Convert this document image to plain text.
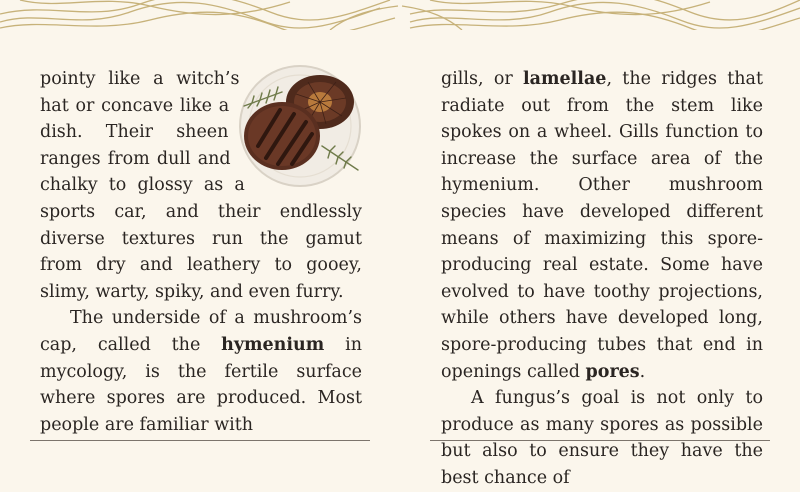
pointy like a witch’s hat or concave like a dish. Their sheen ranges from dull and chalky to glossy as a sports car, and their endlessly diverse textures run the gamut from dry and leathery to gooey, slimy, warty, spiky, and even furry.

The underside of a mushroom’s cap, called the hymenium in mycology, is the fertile surface where spores are produced. Most people are familiar with

gills, or lamellae, the ridges that radiate out from the stem like spokes on a wheel. Gills function to increase the surface area of the hymenium. Other mushroom species have developed different means of maximizing this spore-producing real estate. Some have evolved to have toothy projections, while others have developed long, spore-producing tubes that end in openings called pores.

A fungus’s goal is not only to produce as many spores as possible but also to ensure they have the best chance of
